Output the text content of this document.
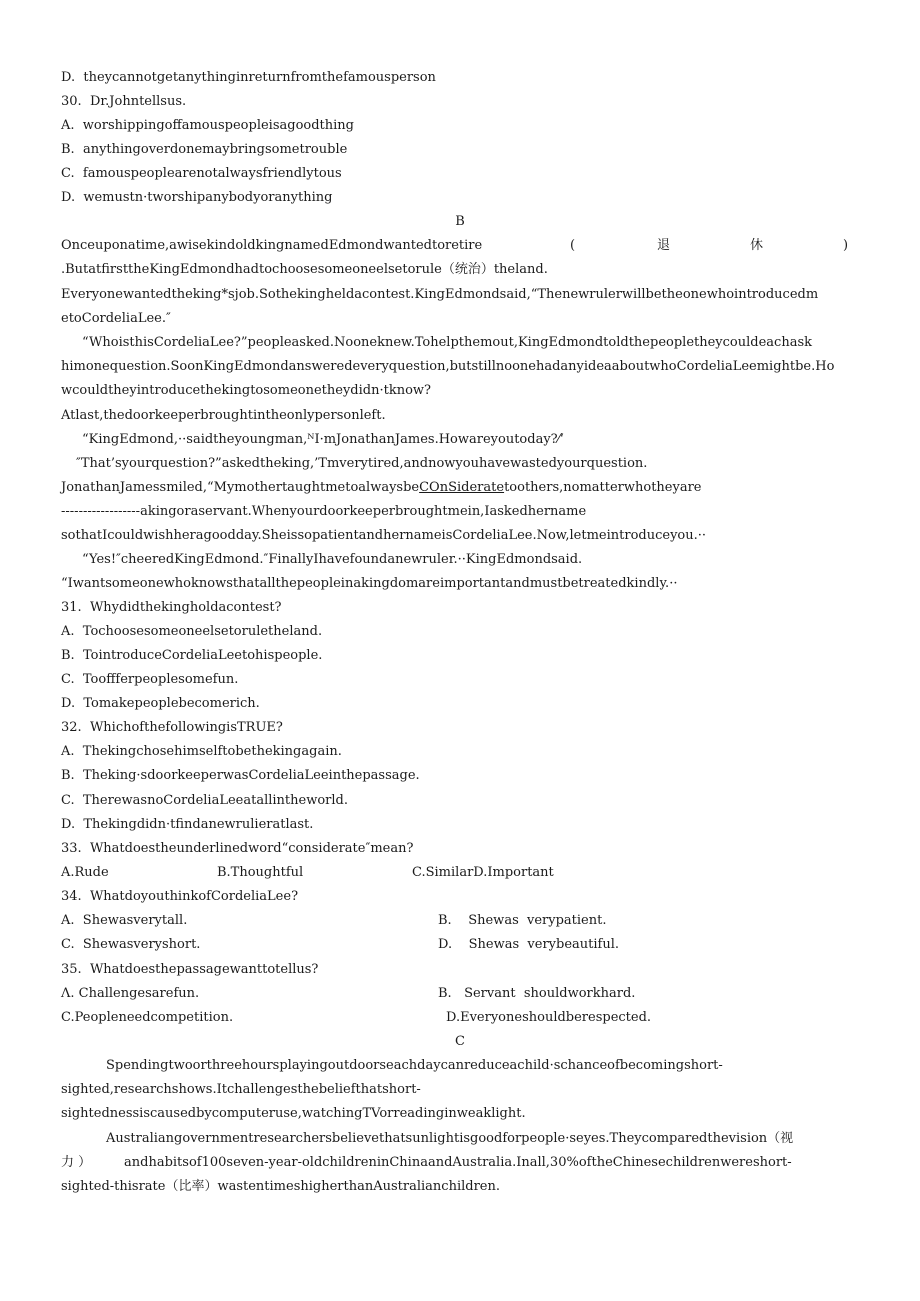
D.  theycannotgetanythinginreturnfromthefamousperson
30.  Dr.Johntellsus.
A.  worshippingoffamouspeopleisagoodthing
B.  anythingoverdonemaybringsometrouble
C.  famouspeoplearenotalwaysfriendlytous
D.  wemustn·tworshipanybodyoranything
B
Onceuponatime,awisekindoldkingnamedEdmondwantedtoretire	(	退	休	)
.ButatfirsttheKingEdmondhadtochoosesomeoneelsetorule（统治）theland.
Everyonewantedtheking*sjob.Sothekingheldacontest.KingEdmondsaid,“Thenewrulerwillbetheonewhointroducedm
etoCordeliaLee.″
“WhoisthisCordeliaLee?”peopleasked.Nooneknew.Tohelpthemout,KingEdmondtoldthepeopletheycouldeachask
himonequestion.SoonKingEdmondansweredeveryquestion,butstillnoonehadanyideaaboutwhoCordeliaLeemightbe.Ho
wcouldtheyintroducethekingtosomeonetheydidn·tknow?
Atlast,thedoorkeeperbroughtintheonlypersonleft.
“KingEdmond,··saidtheyoungman,ᴺI·mJonathanJames.Howareyoutoday?⁄ʻ
″That’syourquestion?”askedtheking,’Tmverytired,andnowyouhavewastedyourquestion.
JonathanJamessmiled,“MymothertaughtmetoalwaysbeCOnSideratetoothers,nomatterwhotheyare
------------------akingoraservant.Whenyourdoorkeeperbroughtmein,Iaskedhername
sothatIcouldwishheragoodday.SheissopatientandhernameisCordeliaLee.Now,letmeintroduceyou.··
“Yes!″cheeredKingEdmond.″FinallyIhavefoundanewruler.··KingEdmondsaid.
“Iwantsomeonewhoknowsthatallthepeopleinakingdomareimportantandmustbetreatedkindly.··
31.  Whydidthekingholdacontest?
A.  Tochoosesomeoneelsetoruletheland.
B.  TointroduceCordeliaLeetohispeople.
C.  Tooffferpeoplesomefun.
D.  Tomakepeoplebecomerich.
32.  WhichofthefollowingisTRUE?
A.  Thekingchosehimselftobethekingagain.
B.  Theking·sdoorkeeperwasCordeliaLeeinthepassage.
C.  TherewasnoCordeliaLeeatallintheworld.
D.  Thekingdidn·tfindanewrulieratlast.
33.  Whatdoestheunderlinedword“considerate″mean?
A.Rude	B.Thoughtful	C.SimilarD.Important
34.  WhatdoyouthinkofCordeliaLee?
A.  Shewasverytall.	B.    Shewas  verypatient.
C.  Shewasveryshort.	D.    Shewas  verybeautiful.
35.  Whatdoesthepassagewanttotellus?
Λ. Challengesarefun.	B.   Servant  shouldworkhard.
C.Peopleneedcompetition.	D.Everyoneshouldberespected.
C
Spendingtwoorthreehoursplayingoutdoorseachdaycanreduceachild·schanceofbecomingshort-
sighted,researchshows.Itchallengesthebeliefthatshort-
sightednessiscausedbycomputeruse,watchingTVorreadinginweaklight.
Australiangovernmentresearchersbelievethatsunlightisgoodforpeople·seyes.Theycomparedthevision（视
力 ）	andhabitsof100seven-year-oldchildreninChinaandAustralia.Inall,30%oftheChinesechildrenwereshort-
sighted-thisrate（比率）wastentimeshigherthanAustralianchildren.
